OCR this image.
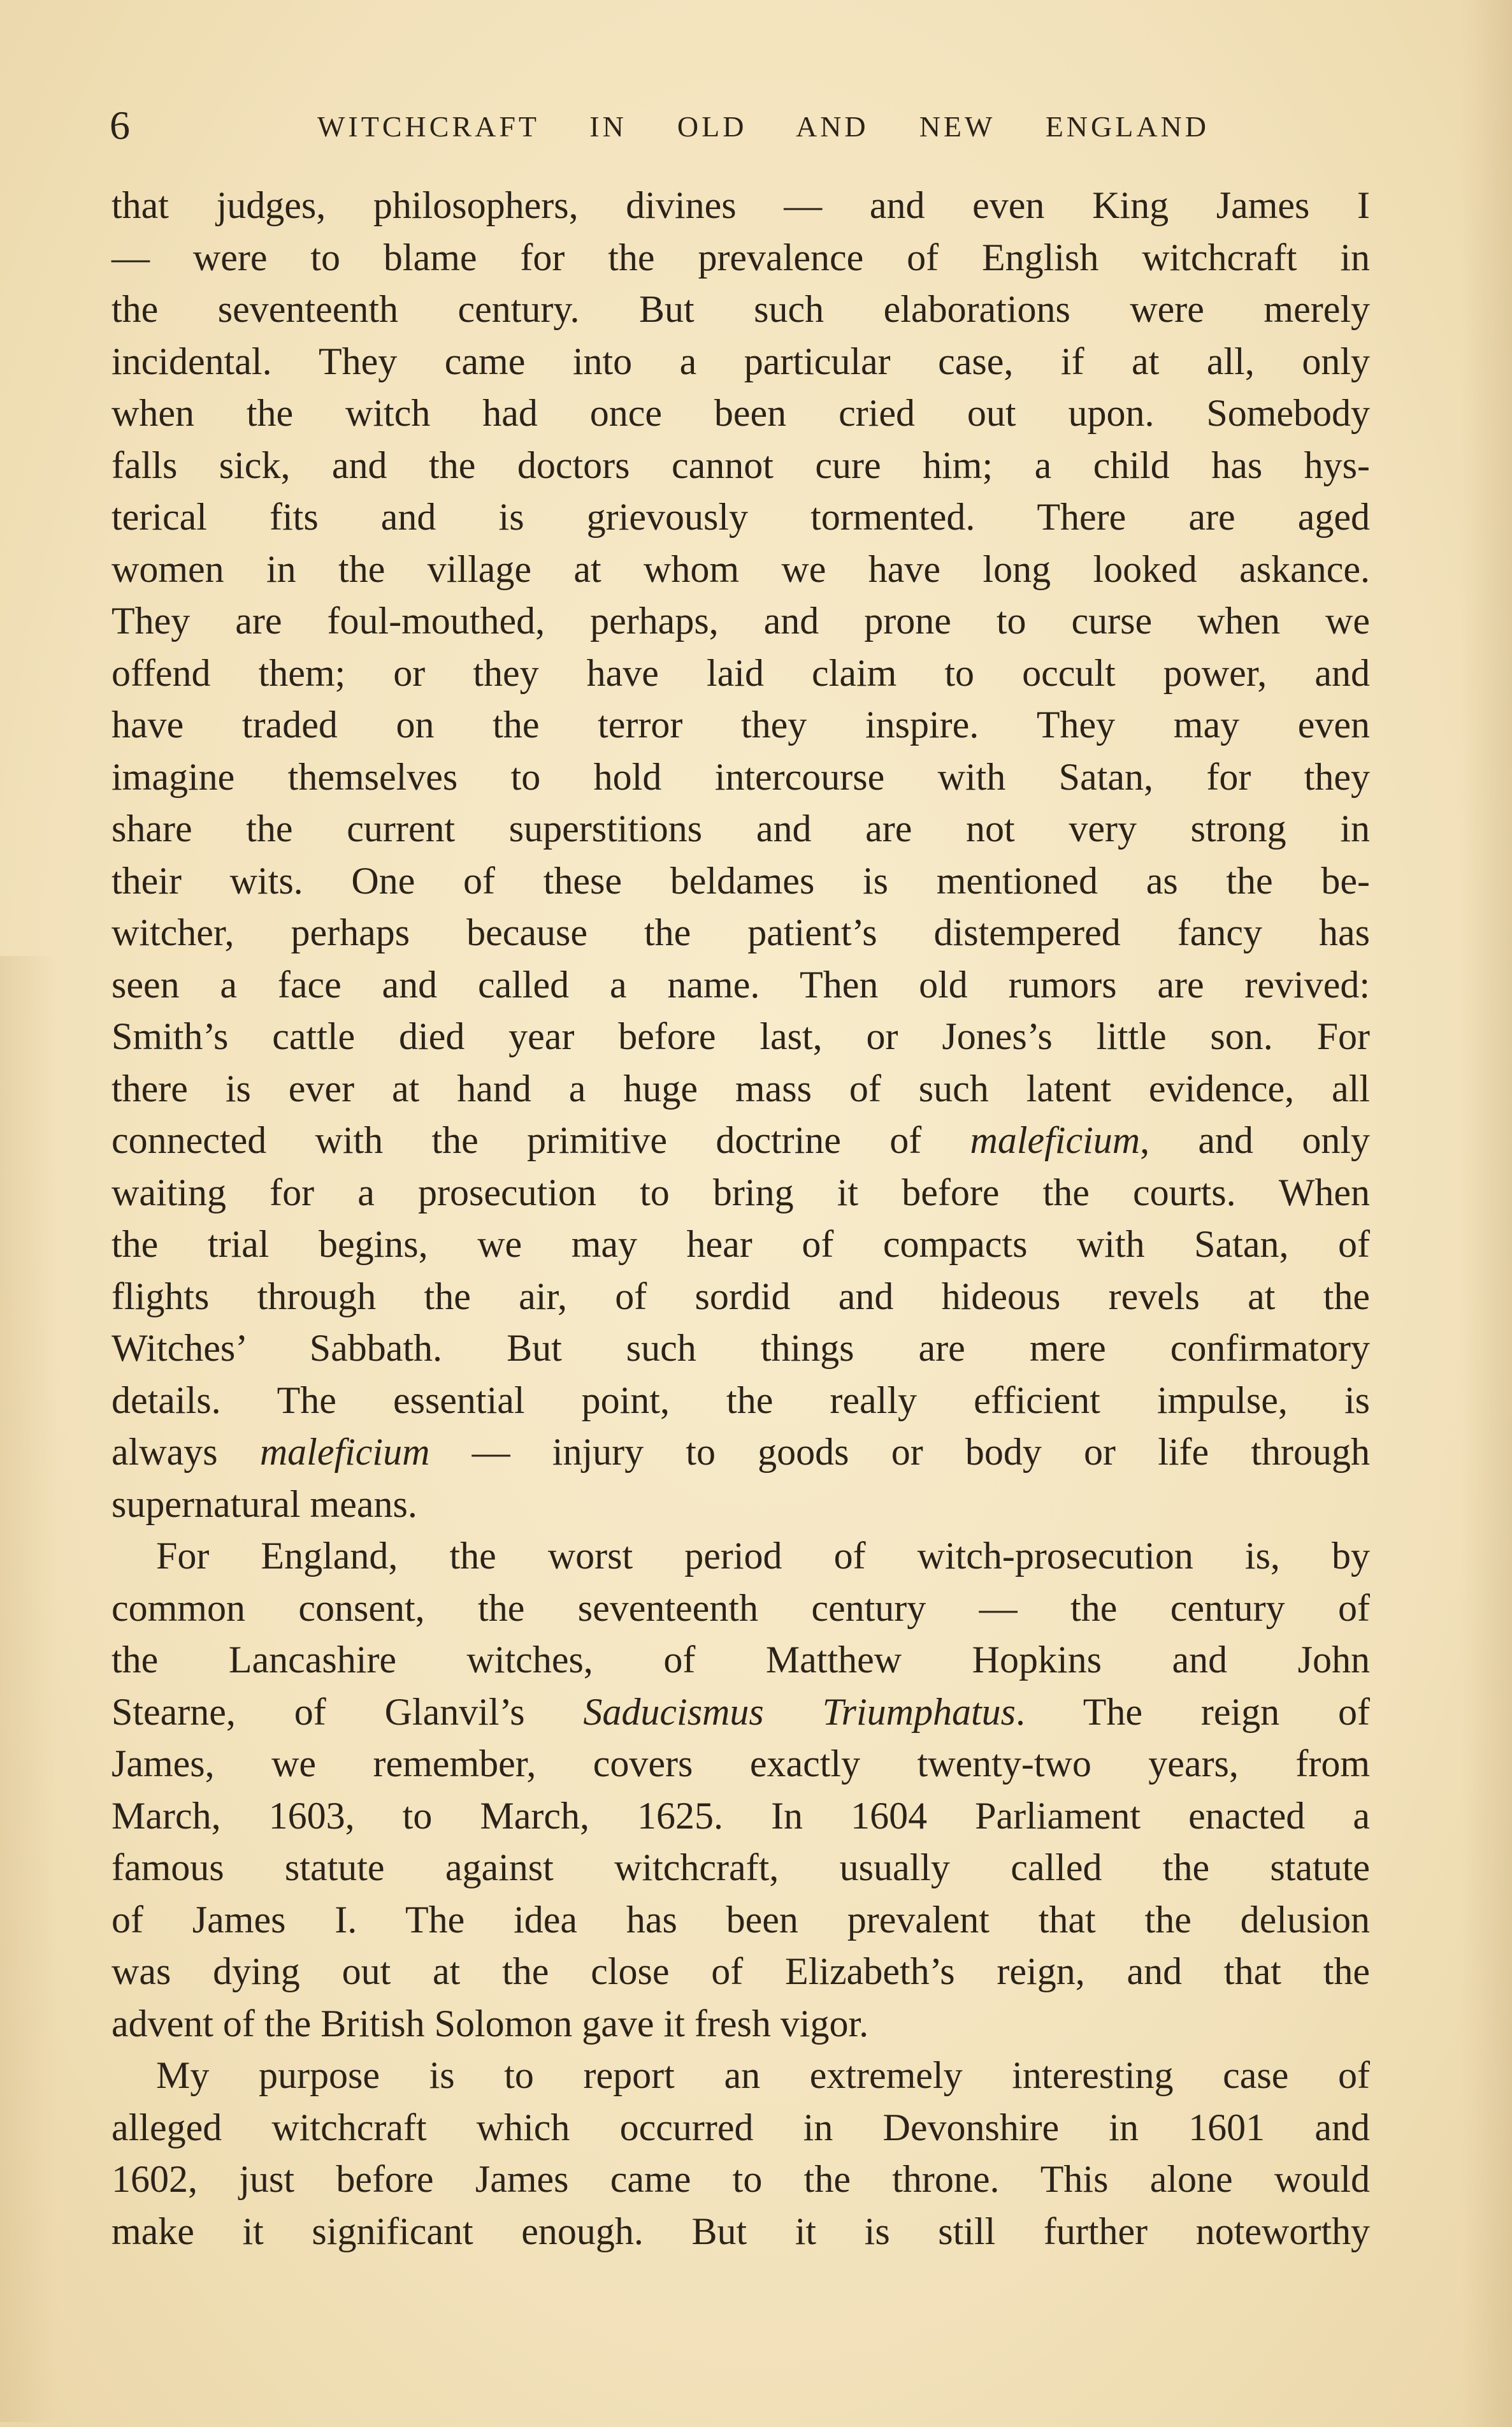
6	WITCHCRAFT IN OLD AND NEW ENGLAND
that judges, philosophers, divines — and even King James I
— were to blame for the prevalence of English witchcraft in
the seventeenth century. But such elaborations were merely
incidental. They came into a particular case, if at all, only
when the witch had once been cried out upon. Somebody
falls sick, and the doctors cannot cure him; a child has hys-
terical fits and is grievously tormented. There are aged
women in the village at whom we have long looked askance.
They are foul-mouthed, perhaps, and prone to curse when we
offend them; or they have laid claim to occult power, and
have traded on the terror they inspire. They may even
imagine themselves to hold intercourse with Satan, for they
share the current superstitions and are not very strong in
their wits. One of these beldames is mentioned as the be-
witcher, perhaps because the patient’s distempered fancy has
seen a face and called a name. Then old rumors are revived:
Smith’s cattle died year before last, or Jones’s little son. For
there is ever at hand a huge mass of such latent evidence, all
connected with the primitive doctrine of maleficium, and only
waiting for a prosecution to bring it before the courts. When
the trial begins, we may hear of compacts with Satan, of
flights through the air, of sordid and hideous revels at the
Witches’ Sabbath. But such things are mere confirmatory
details. The essential point, the really efficient impulse, is
always maleficium — injury to goods or body or life through
supernatural means.
For England, the worst period of witch-prosecution is, by
common consent, the seventeenth century — the century of
the Lancashire witches, of Matthew Hopkins and John
Stearne, of Glanvil’s Saducismus Triumphatus. The reign of
James, we remember, covers exactly twenty-two years, from
March, 1603, to March, 1625. In 1604 Parliament enacted a
famous statute against witchcraft, usually called the statute
of James I. The idea has been prevalent that the delusion
was dying out at the close of Elizabeth’s reign, and that the
advent of the British Solomon gave it fresh vigor.
My purpose is to report an extremely interesting case of
alleged witchcraft which occurred in Devonshire in 1601 and
1602, just before James came to the throne. This alone would
make it significant enough. But it is still further noteworthy
